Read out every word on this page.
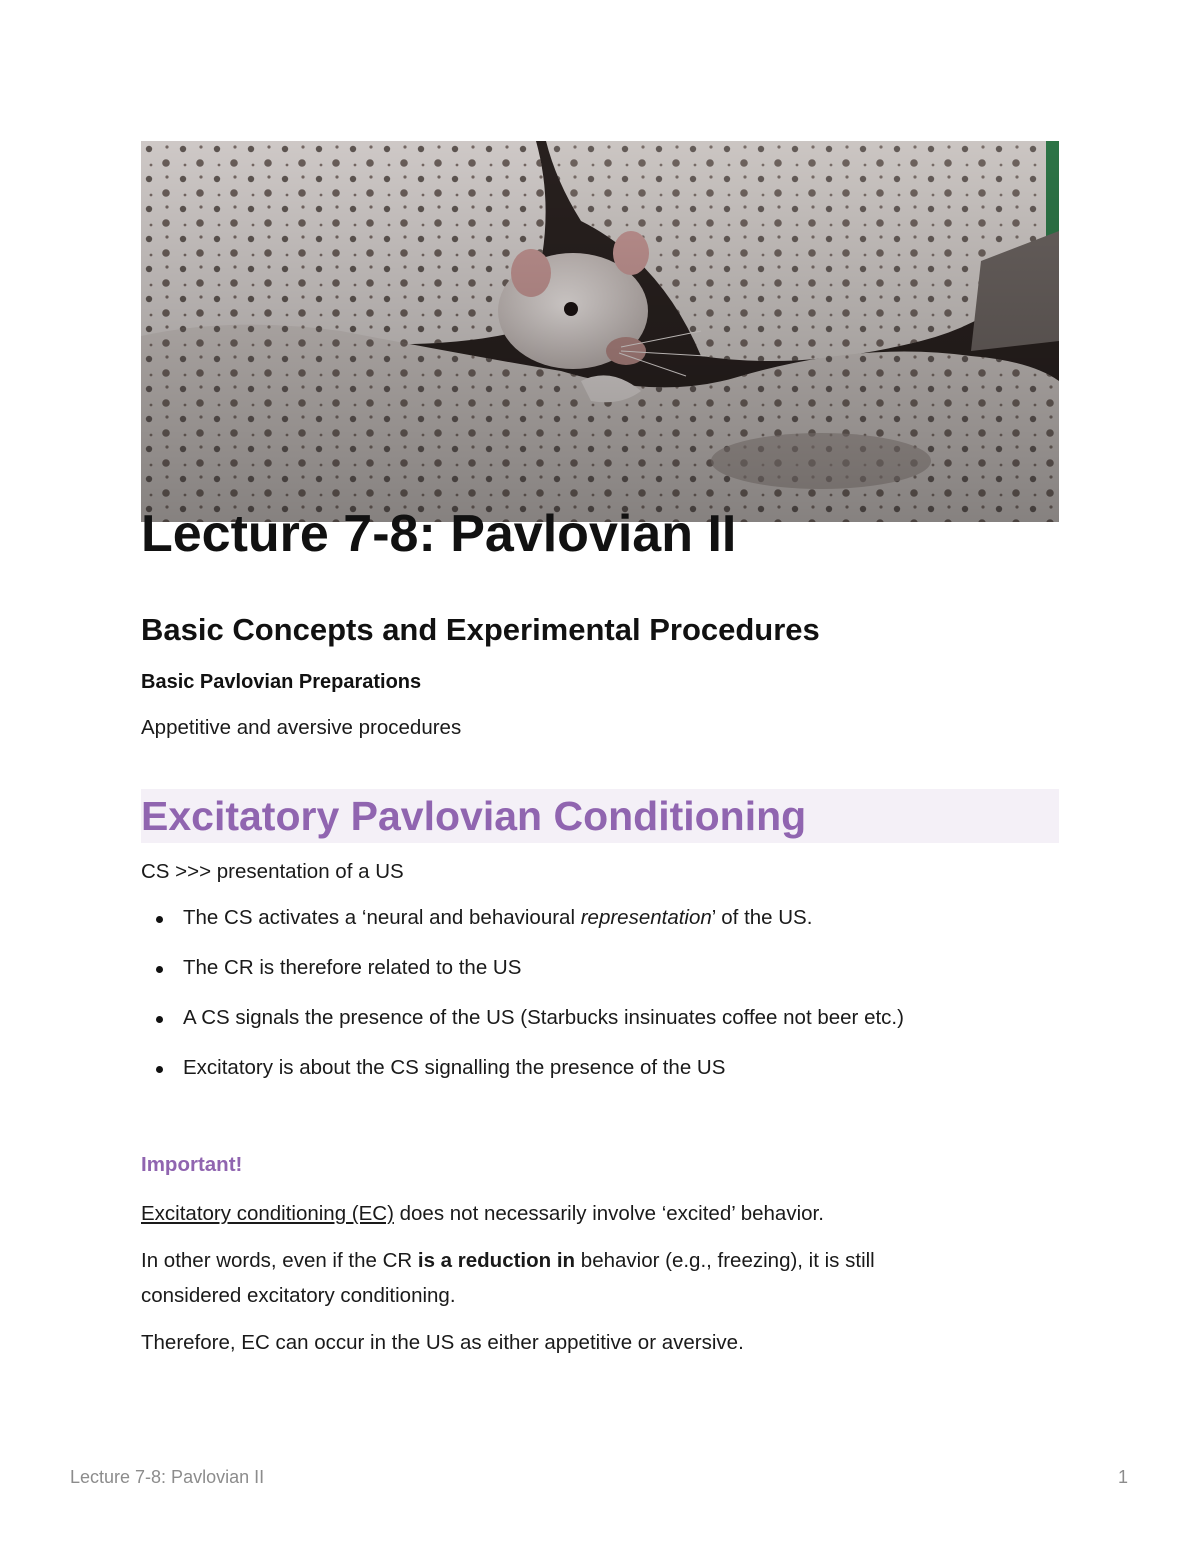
Lecture 7-8: Pavlovian II
Basic Concepts and Experimental Procedures
Basic Pavlovian Preparations

Appetitive and aversive procedures

Excitatory Pavlovian Conditioning

CS >>> presentation of a US

The CS activates a ‘neural and behavioural representation’ of the US.
The CR is therefore related to the US
A CS signals the presence of the US (Starbucks insinuates coffee not beer etc.)
Excitatory is about the CS signalling the presence of the US

Important!

Excitatory conditioning (EC) does not necessarily involve ‘excited’ behavior.

In other words, even if the CR is a reduction in behavior (e.g., freezing), it is still
considered excitatory conditioning.

Therefore, EC can occur in the US as either appetitive or aversive.

Lecture 7-8: Pavlovian II	1
